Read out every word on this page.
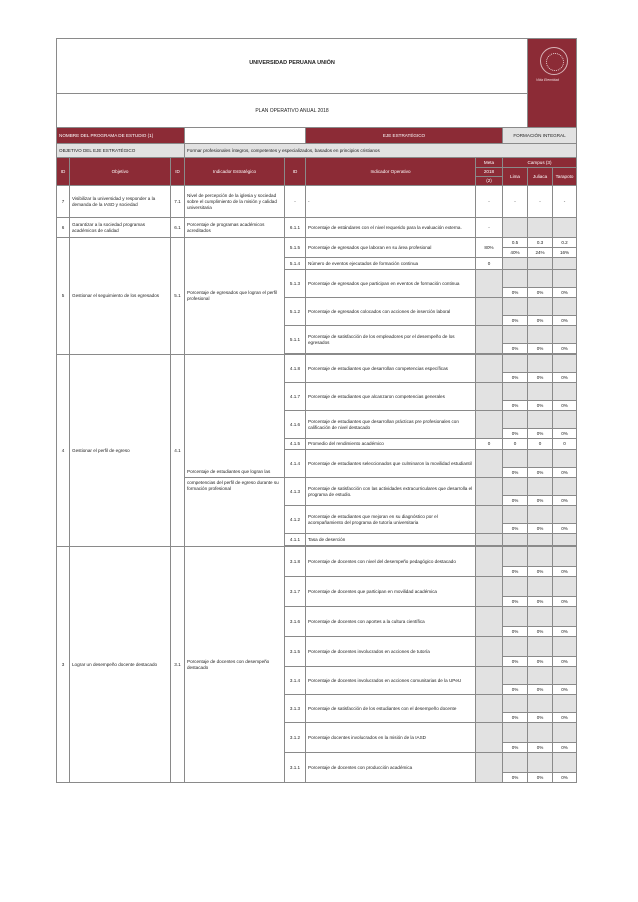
UNIVERSIDAD PERUANA UNIÓN								Vida Eternidad	

PLAN OPERATIVO ANUAL 2018									
NOMBRE DEL PROGRAMA DE ESTUDIO (1)					EJE ESTRATÉGICO		FORMACIÓN INTEGRAL		
OBJETIVO DEL EJE ESTRATÉGICO			Formar profesionales íntegros, competentes y especializados, basados en principios cristianos						
ID	Objetivo	ID	Indicador Estratégico	ID	Indicador Operativo	Meta	Campus (3)		
						2018	Lima	Juliaca	Tarapoto
						(2)			
7	Visibilizar la universidad y responder a la demanda de la IASD y sociedad	7.1	Nivel de percepción de la iglesia y sociedad sobre el cumplimiento de la misión y calidad universitaria	-	-	-	-	-	-
6	Garantizar a la sociedad programas académicos de calidad	6.1	Porcentaje de programas académicos acreditados	6.1.1	Porcentaje de estándares con el nivel requerido para la evaluación externa.	-			
5	Gestionar el seguimiento de los egresados	5.1	Porcentaje de egresados que logran el perfil profesional	5.1.5	Porcentaje de egresados que laboran en su área profesional	80%	0.5	0.3	0.2
							40%	24%	16%
				5.1.4	Número de eventos ejecutados de formación continua	0			
				5.1.3	Porcentaje de egresados que participan en eventos de formación continua				
							0%	0%	0%
				5.1.2	Porcentaje de egresados colocados con acciones de inserción laboral				
							0%	0%	0%
				5.1.1	Porcentaje de satisfacción de los empleadores por el desempeño de los egresados				
							0%	0%	0%

4	Gestionar el perfil de egreso	4.1	Porcentaje de estudiantes que logran las	4.1.8	Porcentaje de estudiantes que desarrollan competencias específicas				
							0%	0%	0%
				4.1.7	Porcentaje de estudiantes que alcanzaron competencias generales				
							0%	0%	0%
				4.1.6	Porcentaje de estudiantes que desarrollan prácticas pre profesionales con calificación de nivel destacado				
							0%	0%	0%
				4.1.5	Promedio del rendimiento académico	0	0	0	0
				4.1.4	Porcentaje de estudiantes seleccionados que culminaron la movilidad estudiantil				
							0%	0%	0%
			competencias del perfil de egreso durante su formación profesional	4.1.3	Porcentaje de satisfacción con las actividades extracurriculares que desarrolla el programa de estudio.				
							0%	0%	0%
				4.1.2	Porcentaje de estudiantes que mejoran en su diagnóstico por el acompañamiento del programa de tutoría universitaria				
							0%	0%	0%
				4.1.1	Tasa de deserción				

3	Lograr un desempeño docente destacado	3.1	Porcentaje de docentes con desempeño destacado	3.1.8	Porcentaje de docentes con nivel del desempeño pedagógico destacado				
							0%	0%	0%
				3.1.7	Porcentaje de docentes que participan en movilidad académica				
							0%	0%	0%
				3.1.6	Porcentaje de docentes con aportes a la cultura científica				
							0%	0%	0%
				3.1.5	Porcentaje de docentes involucrados en acciones de tutoría				
							0%	0%	0%
				3.1.4	Porcentaje de docentes involucrados en acciones comunitarias de la UPeU				
							0%	0%	0%
				3.1.3	Porcentaje de satisfacción de los estudiantes con el desempeño docente				
							0%	0%	0%
				3.1.2	Porcentaje docentes involucrados en la misión de la IASD				
							0%	0%	0%
				3.1.1	Porcentaje de docentes con producción académica				
							0%	0%	0%
